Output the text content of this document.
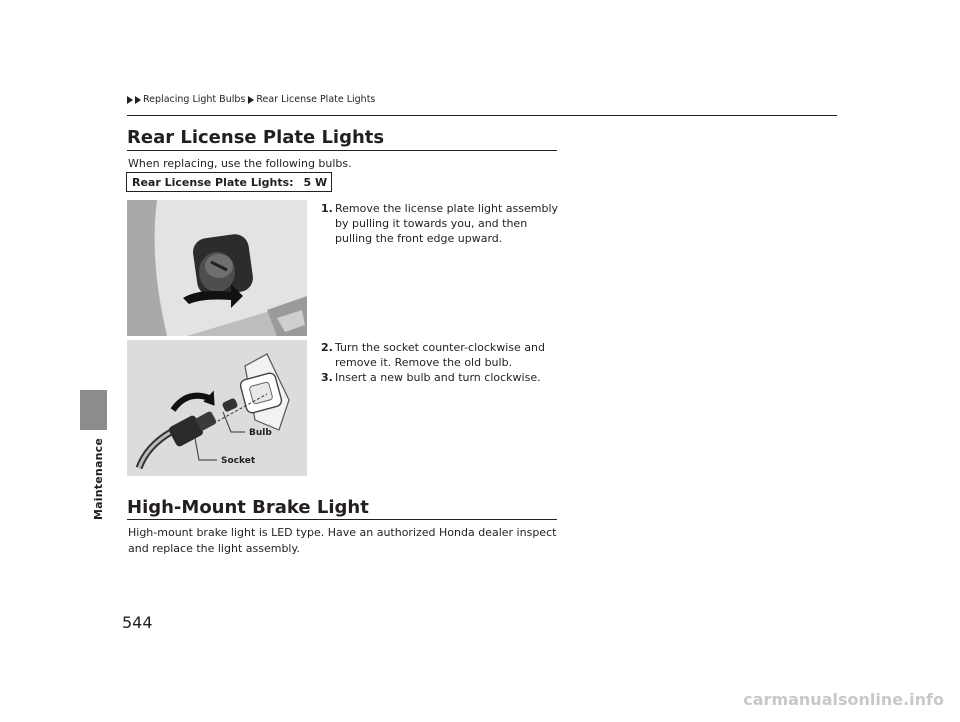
Maintenance
Replacing Light Bulbs Rear License Plate Lights
Rear License Plate Lights
When replacing, use the following bulbs.
Rear License Plate Lights: 5 W
1. Remove the license plate light assembly by pulling it towards you, and then pulling the front edge upward.
Bulb
Socket
2. Turn the socket counter-clockwise and remove it. Remove the old bulb.
3. Insert a new bulb and turn clockwise.
High-Mount Brake Light
High-mount brake light is LED type. Have an authorized Honda dealer inspect and replace the light assembly.
544
carmanualsonline.info
